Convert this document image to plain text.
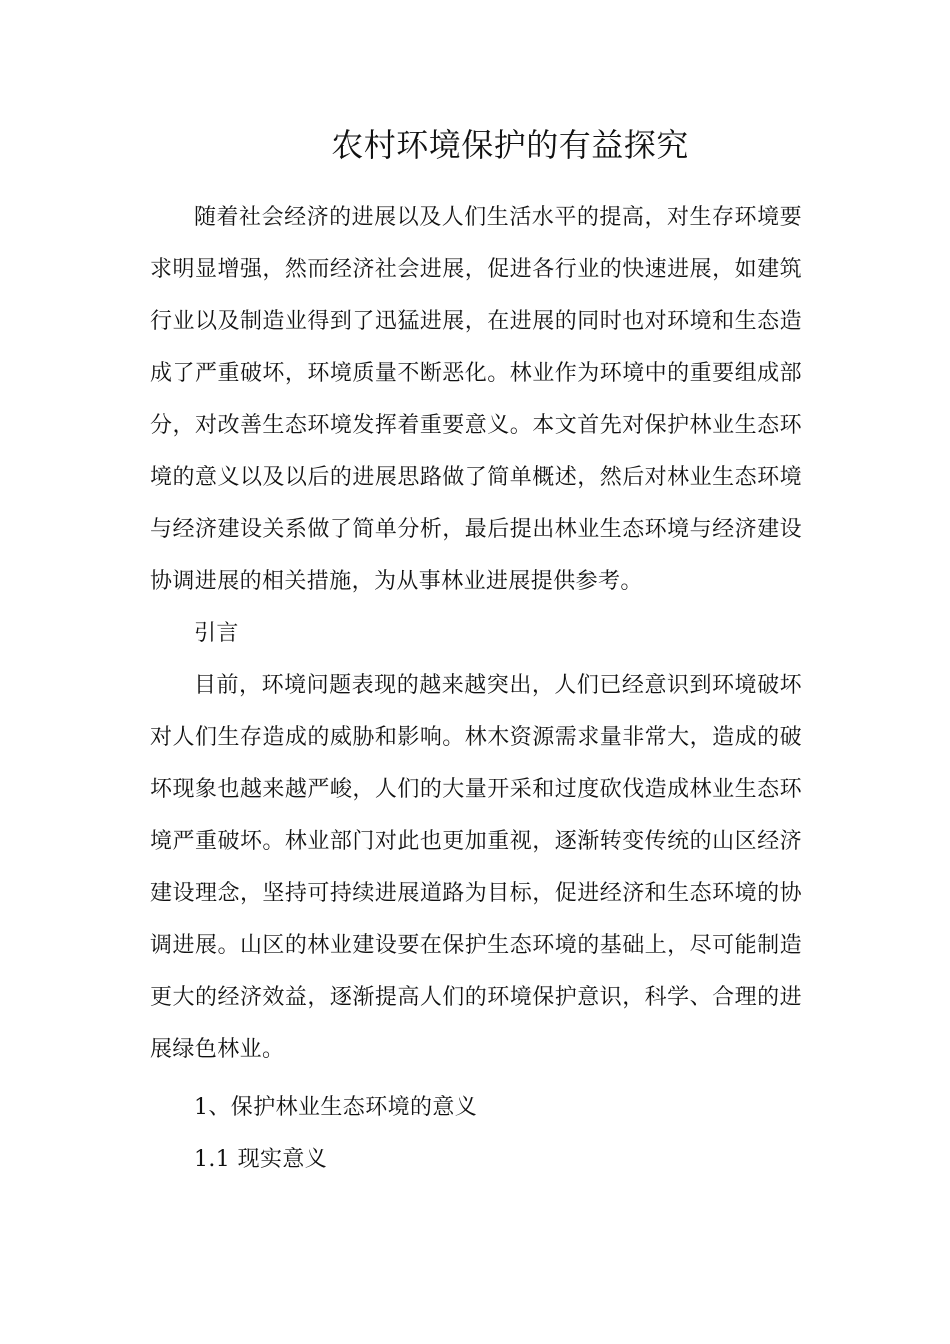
农村环境保护的有益探究

随着社会经济的进展以及人们生活水平的提高，对生存环境要求明显增强，然而经济社会进展，促进各行业的快速进展，如建筑行业以及制造业得到了迅猛进展，在进展的同时也对环境和生态造成了严重破坏，环境质量不断恶化。林业作为环境中的重要组成部分，对改善生态环境发挥着重要意义。本文首先对保护林业生态环境的意义以及以后的进展思路做了简单概述，然后对林业生态环境与经济建设关系做了简单分析，最后提出林业生态环境与经济建设协调进展的相关措施，为从事林业进展提供参考。

引言

目前，环境问题表现的越来越突出，人们已经意识到环境破坏对人们生存造成的威胁和影响。林木资源需求量非常大，造成的破坏现象也越来越严峻，人们的大量开采和过度砍伐造成林业生态环境严重破坏。林业部门对此也更加重视，逐渐转变传统的山区经济建设理念，坚持可持续进展道路为目标，促进经济和生态环境的协调进展。山区的林业建设要在保护生态环境的基础上，尽可能制造更大的经济效益，逐渐提高人们的环境保护意识，科学、合理的进展绿色林业。

1、保护林业生态环境的意义

1.1 现实意义
